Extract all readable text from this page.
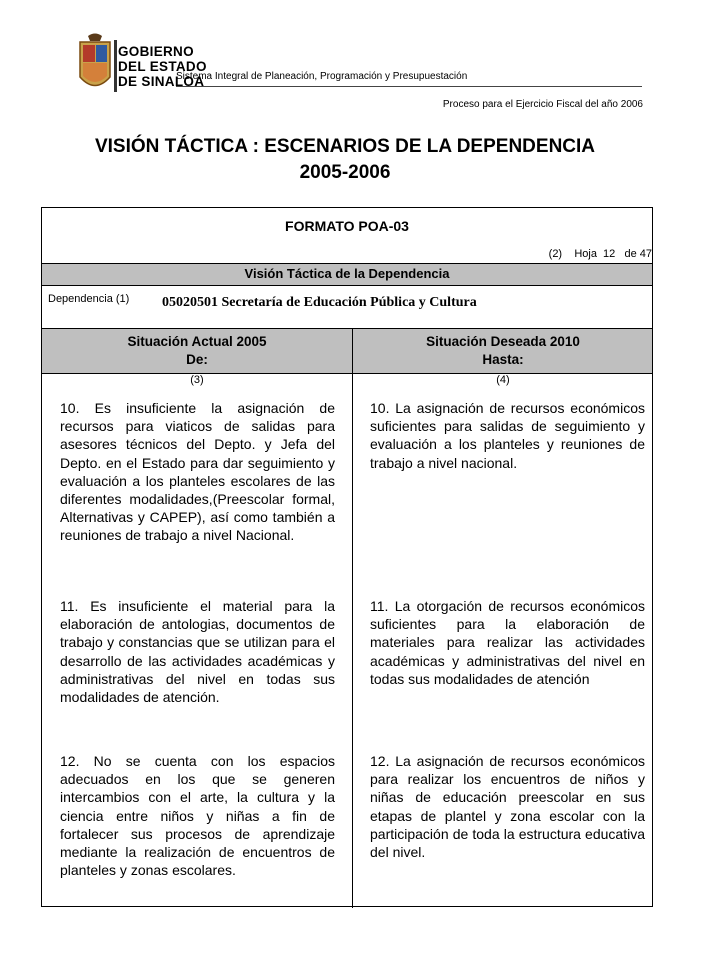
GOBIERNO
DEL ESTADO
DE SINALOA
Sistema Integral de Planeación, Programación y Presupuestación
Proceso para el Ejercicio Fiscal del año 2006
VISIÓN TÁCTICA : ESCENARIOS DE LA DEPENDENCIA
2005-2006
FORMATO POA-03
(2)    Hoja  12   de 47
Visión Táctica de la Dependencia
Dependencia (1) 05020501 Secretaría de Educación Pública y Cultura
Situación Actual 2005
De:
Situación Deseada 2010
Hasta:
(3)	(4)
10. Es insuficiente la asignación de recursos para viaticos de salidas para asesores técnicos del Depto. y Jefa del Depto. en el Estado para dar seguimiento y evaluación a los planteles escolares de las diferentes modalidades,(Preescolar formal, Alternativas y CAPEP), así como también a reuniones de trabajo a nivel Nacional.
10. La asignación de recursos económicos suficientes para salidas de seguimiento y evaluación a los planteles y reuniones de trabajo a nivel nacional.
11. Es insuficiente el material para la elaboración de antologias, documentos de trabajo y constancias que se utilizan para el desarrollo de las actividades académicas y administrativas del nivel en todas sus modalidades de atención.
11. La otorgación de recursos económicos suficientes para la elaboración de materiales para realizar las actividades académicas y administrativas del nivel en todas sus modalidades de atención
12. No se cuenta con los espacios adecuados en los que se generen intercambios con el arte, la cultura y la ciencia entre niños y niñas a fin de fortalecer sus procesos de aprendizaje mediante la realización de encuentros de planteles y zonas escolares.
12. La asignación de recursos económicos para realizar los encuentros de niños y niñas de educación preescolar en sus etapas de plantel y zona escolar con la participación de toda la estructura educativa del nivel.
